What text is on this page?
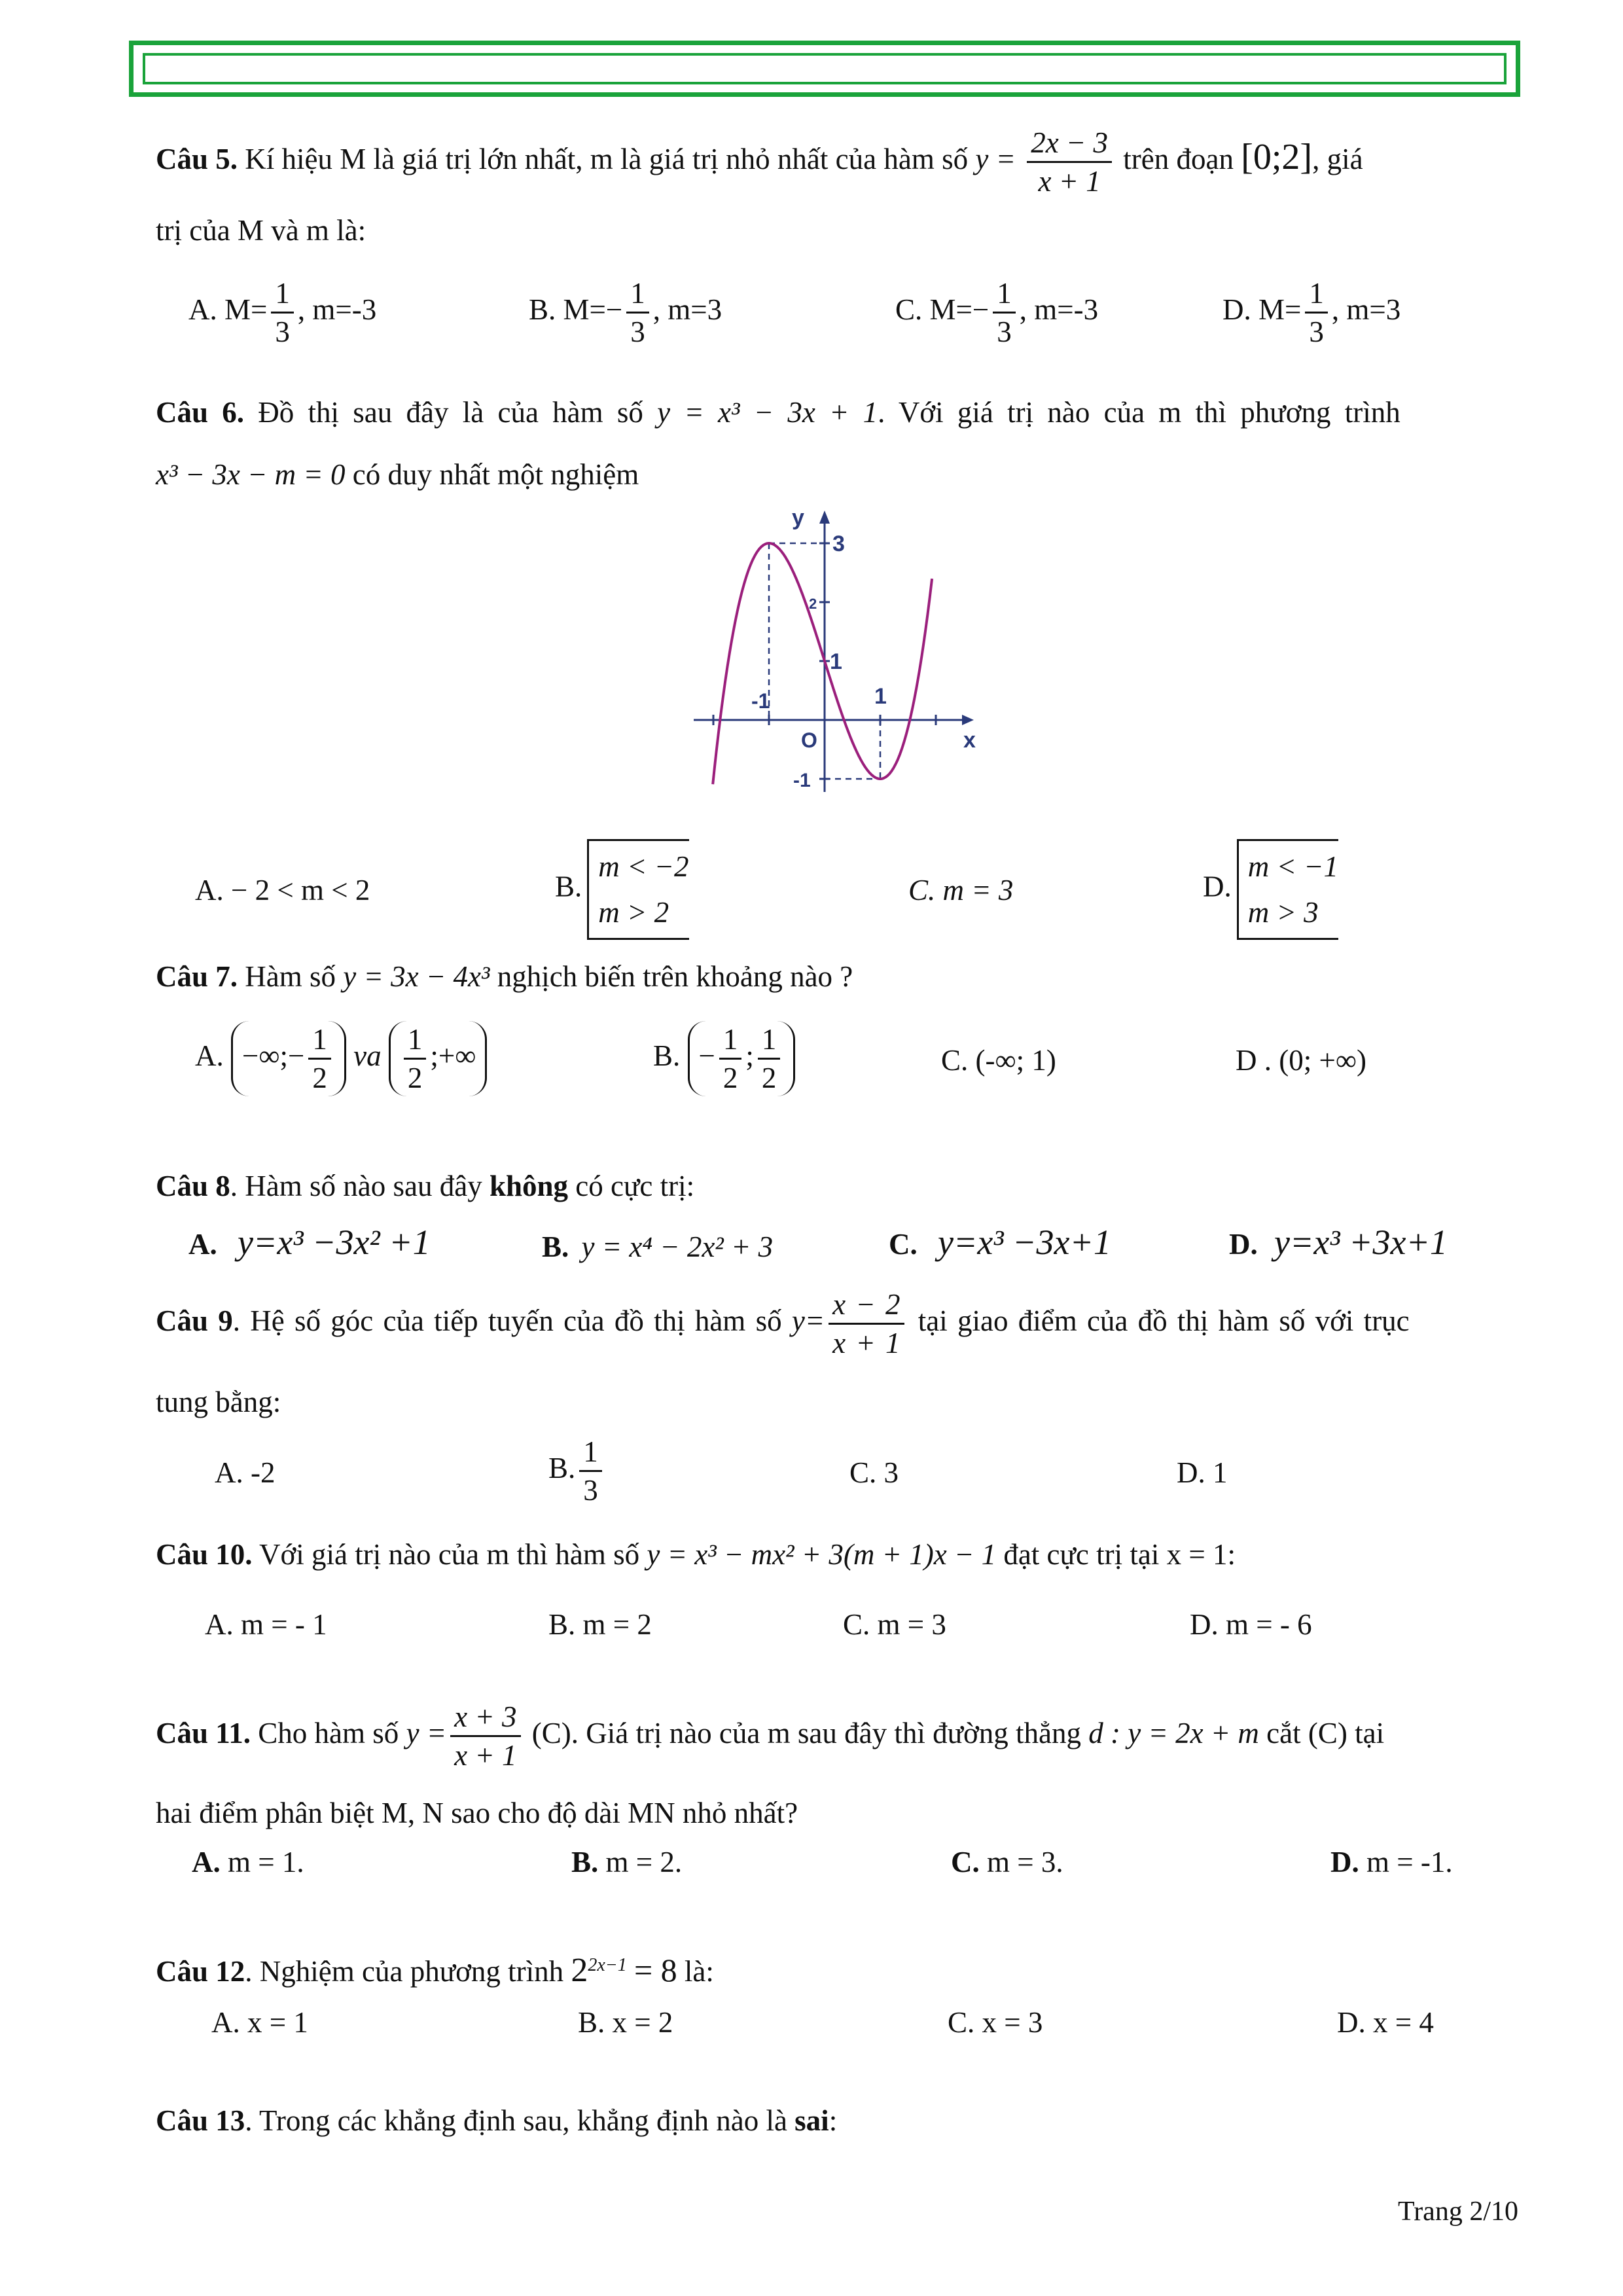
Câu 5. Kí hiệu M là giá trị lớn nhất, m là giá trị nhỏ nhất của hàm số $y = \frac{2x - 3}{x + 1}$ trên đoạn [0;2], giá
trị của M và m là:
A. $M= \frac{1}{3}$ , m=-3	B. $M=- \frac{1}{3}$ , m=3	C. $M=- \frac{1}{3}$ , m=-3	D. $M= \frac{1}{3}$ , m=3
Câu 6. Đồ thị sau đây là của hàm số y = x³ − 3x + 1. Với giá trị nào của m thì phương trình
x³ − 3x − m = 0 có duy nhất một nghiệm
y
x
O
3
2
1
-1
-1	1
A. − 2 < m < 2	B.
m < −2
m > 2
C. m = 3	D.
m < −1
m > 3
Câu 7. Hàm số y = 3x − 4x³ nghịch biến trên khoảng nào ?
A. −∞;− $\frac{1}{2}$ va $\frac{1}{2}$ ;+∞	B. − $\frac{1}{2}$ ; $\frac{1}{2}$	C. (-∞; 1)	D . (0; +∞)
Câu 8. Hàm số nào sau đây không có cực trị:
A. y=x³ −3x² +1	B. y = x⁴ − 2x² + 3	C. y=x³ −3x+1	D. y=x³ +3x+1
Câu 9. Hệ số góc của tiếp tuyến của đồ thị hàm số $y= \frac{x - 2}{x + 1}$ tại giao điểm của đồ thị hàm số với trục
tung bằng:
A. -2	B. $\frac{1}{3}$	C. 3	D. 1
Câu 10. Với giá trị nào của m thì hàm số y = x³ − mx² + 3(m + 1)x − 1 đạt cực trị tại x = 1:
A. m = - 1	B. m = 2	C. m = 3	D. m = - 6
Câu 11. Cho hàm số $y = \frac{x + 3}{x + 1} (C)$. Giá trị nào của m sau đây thì đường thẳng d : y = 2x + m cắt (C) tại
hai điểm phân biệt M, N sao cho độ dài MN nhỏ nhất?
A. m = 1.	B. m = 2.	C. m = 3.	D. m = -1.
Câu 12. Nghiệm của phương trình $2^{2x-1} = 8$ là:
A. x = 1	B. x = 2	C. x = 3	D. x = 4
Câu 13. Trong các khẳng định sau, khẳng định nào là sai:
Trang 2/10
